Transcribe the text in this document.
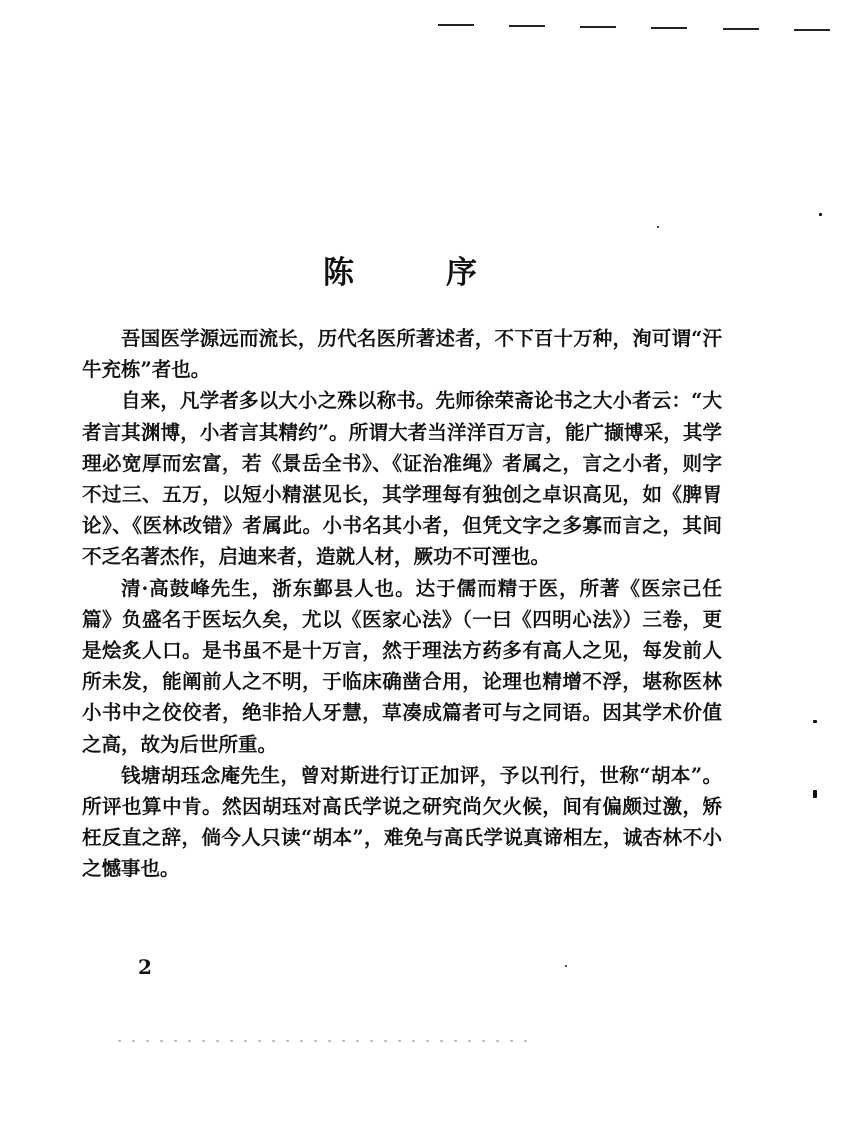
陈	序

吾国医学源远而流长，历代名医所著述者，不下百十万种，洵可谓“汗牛充栋”者也。

自来，凡学者多以大小之殊以称书。先师徐荣斋论书之大小者云：“大者言其渊博，小者言其精约”。所谓大者当洋洋百万言，能广撷博采，其学理必宽厚而宏富，若《景岳全书》、《证治准绳》者属之，言之小者，则字不过三、五万，以短小精湛见长，其学理每有独创之卓识高见，如《脾胃论》、《医林改错》者属此。小书名其小者，但凭文字之多寡而言之，其间不乏名著杰作，启迪来者，造就人材，厥功不可湮也。

清·高鼓峰先生，浙东鄞县人也。达于儒而精于医，所著《医宗己任篇》负盛名于医坛久矣，尤以《医家心法》（一曰《四明心法》）三卷，更是烩炙人口。是书虽不是十万言，然于理法方药多有高人之见，每发前人所未发，能阐前人之不明，于临床确凿合用，论理也精增不浮，堪称医林小书中之佼佼者，绝非拾人牙慧，草凑成篇者可与之同语。因其学术价值之高，故为后世所重。

钱塘胡珏念庵先生，曾对斯进行订正加评，予以刊行，世称“胡本”。所评也算中肯。然因胡珏对高氏学说之研究尚欠火候，间有偏颇过激，矫枉反直之辞，倘今人只读“胡本”，难免与高氏学说真谛相左，诚杏林不小之憾事也。

2
